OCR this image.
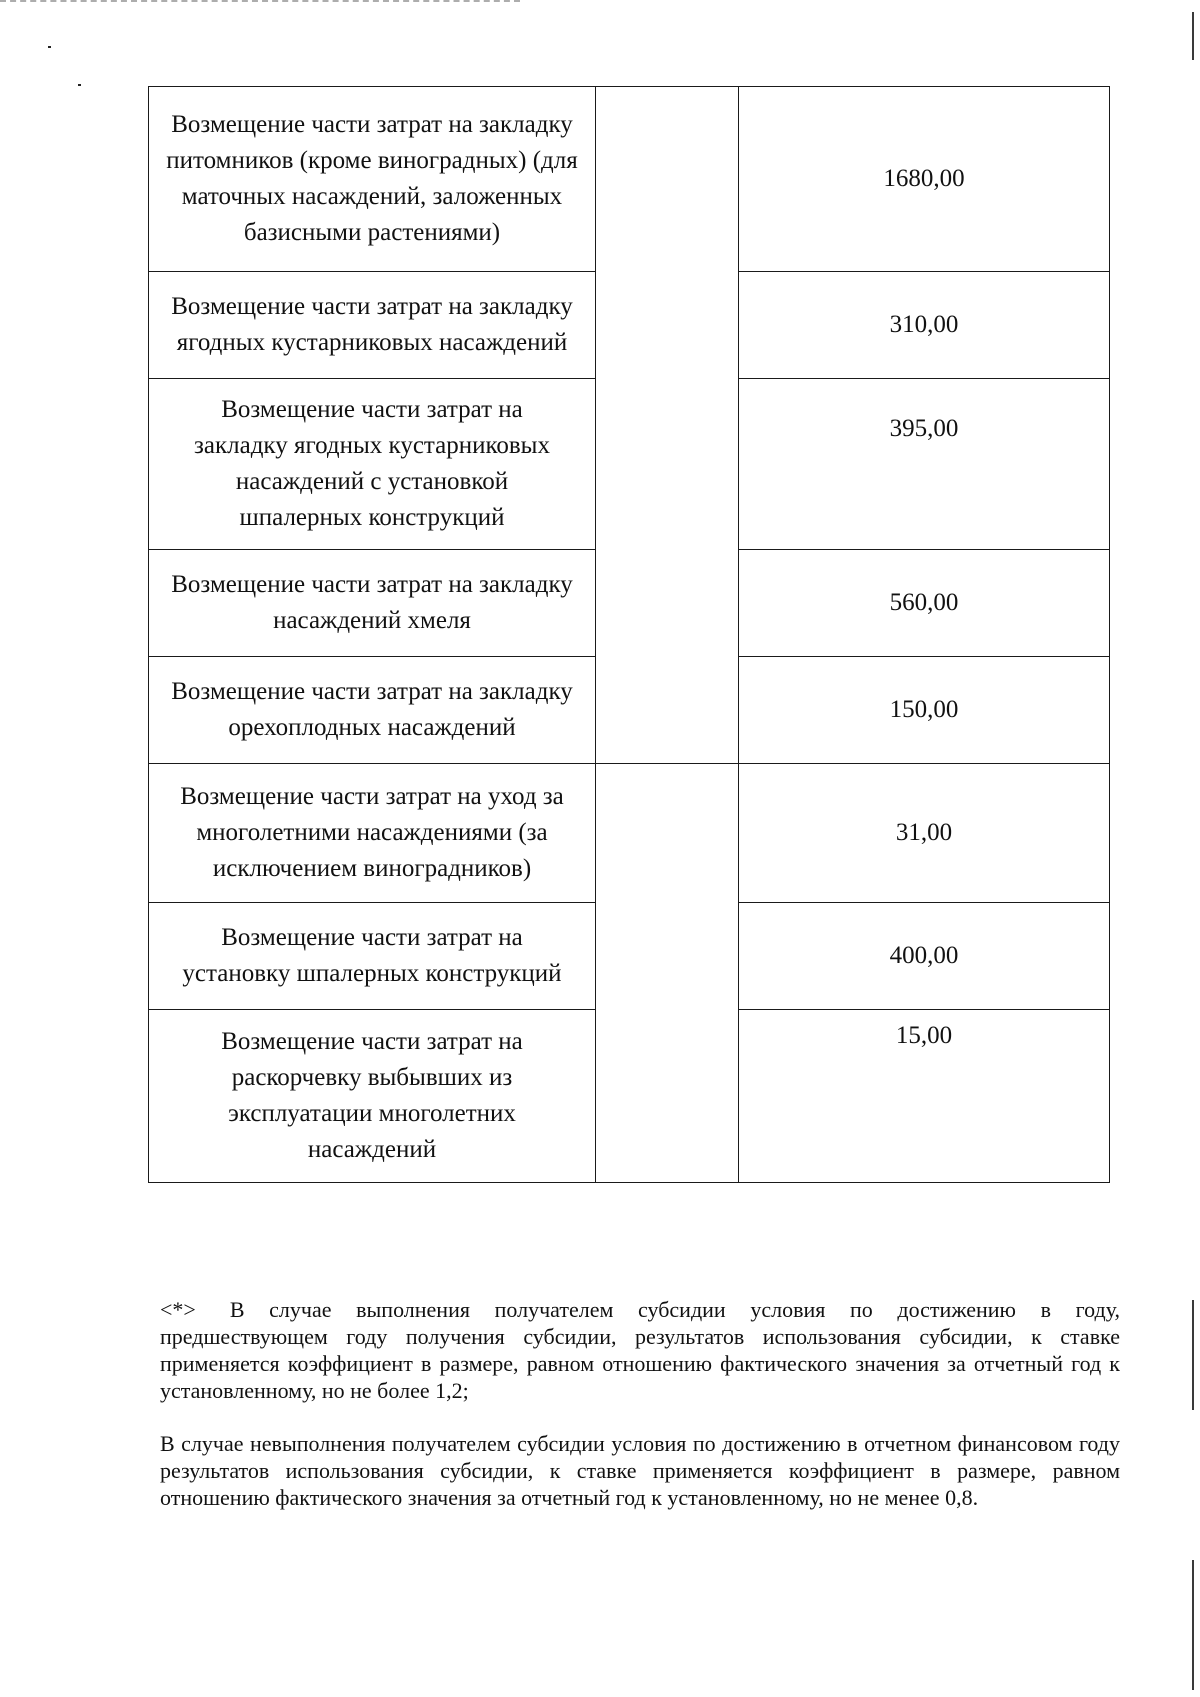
Возмещение части затрат на закладку питомников (кроме виноградных) (для маточных насаждений, заложенных базисными растениями)		1680,00

Возмещение части затрат на закладку ягодных кустарниковых насаждений		310,00

Возмещение части затрат на закладку ягодных кустарниковых насаждений с установкой шпалерных конструкций		395,00

Возмещение части затрат на закладку насаждений хмеля		560,00

Возмещение части затрат на закладку орехоплодных насаждений		150,00

Возмещение части затрат на уход за многолетними насаждениями (за исключением виноградников)		31,00

Возмещение части затрат на установку шпалерных конструкций		400,00

Возмещение части затрат на раскорчевку выбывших из эксплуатации многолетних насаждений		15,00

<*> В случае выполнения получателем субсидии условия по достижению в году, предшествующем году получения субсидии, результатов использования субсидии, к ставке применяется коэффициент в размере, равном отношению фактического значения за отчетный год к установленному, но не более 1,2;

В случае невыполнения получателем субсидии условия по достижению в отчетном финансовом году результатов использования субсидии, к ставке применяется коэффициент в размере, равном отношению фактического значения за отчетный год к установленному, но не менее 0,8.
